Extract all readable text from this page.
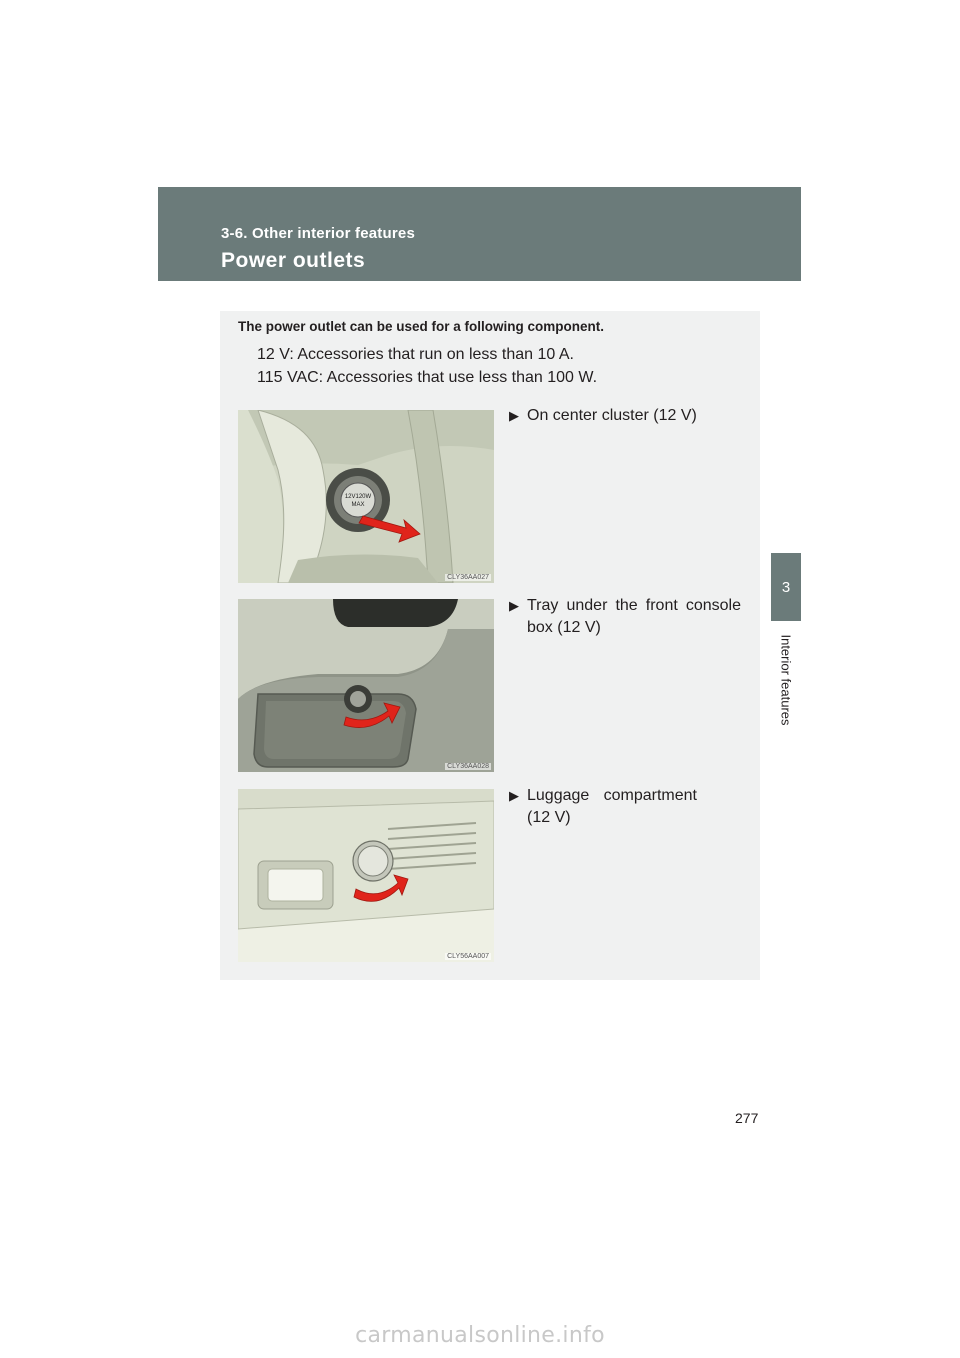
3-6. Other interior features
Power outlets
3
Interior features
The power outlet can be used for a following component.
12 V: Accessories that run on less than 10 A.
115 VAC: Accessories that use less than 100 W.
12V120W
MAX
CLY36AA027
▶ On center cluster (12 V)
CLY36AA028
▶ Tray under the front console box (12 V)
CLY56AA007
▶ Luggage compartment (12 V)
277
carmanualsonline.info
